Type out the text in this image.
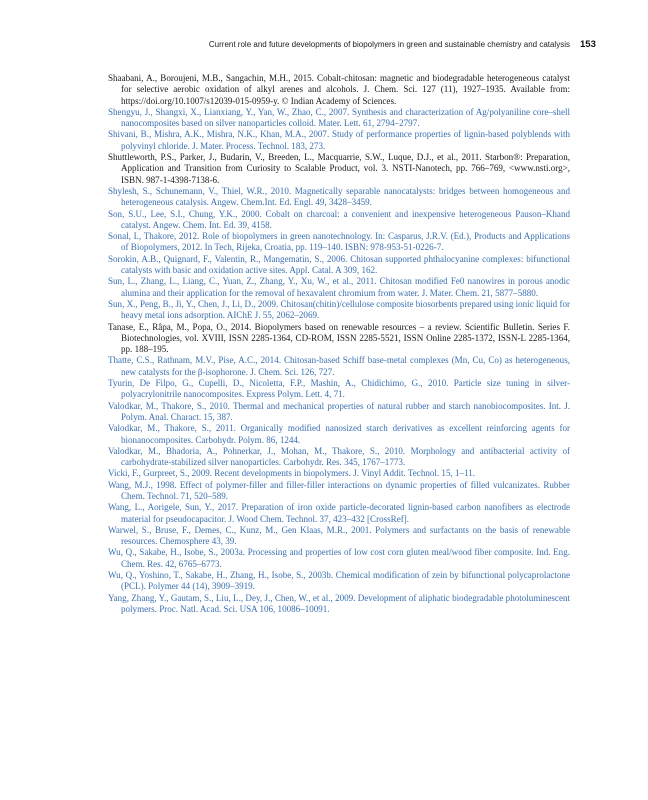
Current role and future developments of biopolymers in green and sustainable chemistry and catalysis 153

Shaabani, A., Boroujeni, M.B., Sangachin, M.H., 2015. Cobalt-chitosan: magnetic and biodegradable heterogeneous catalyst for selective aerobic oxidation of alkyl arenes and alcohols. J. Chem. Sci. 127 (11), 1927–1935. Available from: https://doi.org/10.1007/s12039-015-0959-y. © Indian Academy of Sciences.

Shengyu, J., Shangxi, X., Lianxiang, Y., Yan, W., Zhao, C., 2007. Synthesis and characterization of Ag/polyaniline core–shell nanocomposites based on silver nanoparticles colloid. Mater. Lett. 61, 2794–2797.

Shivani, B., Mishra, A.K., Mishra, N.K., Khan, M.A., 2007. Study of performance properties of lignin-based polyblends with polyvinyl chloride. J. Mater. Process. Technol. 183, 273.

Shuttleworth, P.S., Parker, J., Budarin, V., Breeden, L., Macquarrie, S.W., Luque, D.J., et al., 2011. Starbon®: Preparation, Application and Transition from Curiosity to Scalable Product, vol. 3. NSTI-Nanotech, pp. 766–769, <www.nsti.org>, ISBN. 987-1-4398-7138-6.

Shylesh, S., Schunemann, V., Thiel, W.R., 2010. Magnetically separable nanocatalysts: bridges between homogeneous and heterogeneous catalysis. Angew. Chem.Int. Ed. Engl. 49, 3428–3459.

Son, S.U., Lee, S.I., Chung, Y.K., 2000. Cobalt on charcoal: a convenient and inexpensive heterogeneous Pauson–Khand catalyst. Angew. Chem. Int. Ed. 39, 4158.

Sonal, I., Thakore, 2012. Role of biopolymers in green nanotechnology. In: Casparus, J.R.V. (Ed.), Products and Applications of Biopolymers, 2012. In Tech, Rijeka, Croatia, pp. 119–140. ISBN: 978-953-51-0226-7.

Sorokin, A.B., Quignard, F., Valentin, R., Mangematin, S., 2006. Chitosan supported phthalocyanine complexes: bifunctional catalysts with basic and oxidation active sites. Appl. Catal. A 309, 162.

Sun, L., Zhang, L., Liang, C., Yuan, Z., Zhang, Y., Xu, W., et al., 2011. Chitosan modified Fe0 nanowires in porous anodic alumina and their application for the removal of hexavalent chromium from water. J. Mater. Chem. 21, 5877–5880.

Sun, X., Peng, B., Ji, Y., Chen, J., Li, D., 2009. Chitosan(chitin)/cellulose composite biosorbents prepared using ionic liquid for heavy metal ions adsorption. AIChE J. 55, 2062–2069.

Tanase, E., Râpa, M., Popa, O., 2014. Biopolymers based on renewable resources – a review. Scientific Bulletin. Series F. Biotechnologies, vol. XVIII, ISSN 2285-1364, CD-ROM, ISSN 2285-5521, ISSN Online 2285-1372, ISSN-L 2285-1364, pp. 188–195.

Thatte, C.S., Rathnam, M.V., Pise, A.C., 2014. Chitosan-based Schiff base-metal complexes (Mn, Cu, Co) as heterogeneous, new catalysts for the β-isophorone. J. Chem. Sci. 126, 727.

Tyurin, De Filpo, G., Cupelli, D., Nicoletta, F.P., Mashin, A., Chidichimo, G., 2010. Particle size tuning in silver-polyacrylonitrile nanocomposites. Express Polym. Lett. 4, 71.

Valodkar, M., Thakore, S., 2010. Thermal and mechanical properties of natural rubber and starch nanobiocomposites. Int. J. Polym. Anal. Charact. 15, 387.

Valodkar, M., Thakore, S., 2011. Organically modified nanosized starch derivatives as excellent reinforcing agents for bionanocomposites. Carbohydr. Polym. 86, 1244.

Valodkar, M., Bhadoria, A., Pohnerkar, J., Mohan, M., Thakore, S., 2010. Morphology and antibacterial activity of carbohydrate-stabilized silver nanoparticles. Carbohydr. Res. 345, 1767–1773.

Vicki, F., Gurpreet, S., 2009. Recent developments in biopolymers. J. Vinyl Addit. Technol. 15, 1–11.

Wang, M.J., 1998. Effect of polymer-filler and filler-filler interactions on dynamic properties of filled vulcanizates. Rubber Chem. Technol. 71, 520–589.

Wang, L., Aorigele, Sun, Y., 2017. Preparation of iron oxide particle-decorated lignin-based carbon nanofibers as electrode material for pseudocapacitor. J. Wood Chem. Technol. 37, 423–432 [CrossRef].

Warwel, S., Bruse, F., Demes, C., Kunz, M., Gen Klaas, M.R., 2001. Polymers and surfactants on the basis of renewable resources. Chemosphere 43, 39.

Wu, Q., Sakabe, H., Isobe, S., 2003a. Processing and properties of low cost corn gluten meal/wood fiber composite. Ind. Eng. Chem. Res. 42, 6765–6773.

Wu, Q., Yoshino, T., Sakabe, H., Zhang, H., Isobe, S., 2003b. Chemical modification of zein by bifunctional polycaprolactone (PCL). Polymer 44 (14), 3909–3919.

Yang, Zhang, Y., Gautam, S., Liu, L., Dey, J., Chen, W., et al., 2009. Development of aliphatic biodegradable photoluminescent polymers. Proc. Natl. Acad. Sci. USA 106, 10086–10091.
